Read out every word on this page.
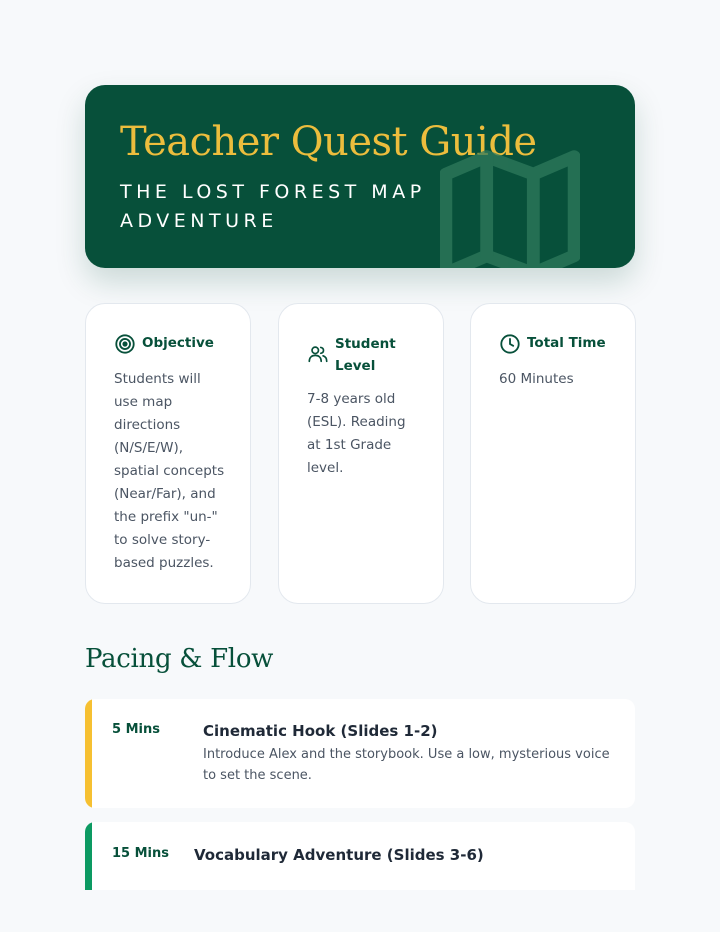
Teacher Quest Guide
THE LOST FOREST MAP ADVENTURE
Objective
Students will use map directions (N/S/E/W), spatial concepts (Near/Far), and the prefix "un-" to solve story-based puzzles.
Student Level
7-8 years old (ESL). Reading at 1st Grade level.
Total Time
60 Minutes
Pacing & Flow
5 Mins	Cinematic Hook (Slides 1-2)
Introduce Alex and the storybook. Use a low, mysterious voice to set the scene.
15 Mins Vocabulary Adventure (Slides 3-6)
